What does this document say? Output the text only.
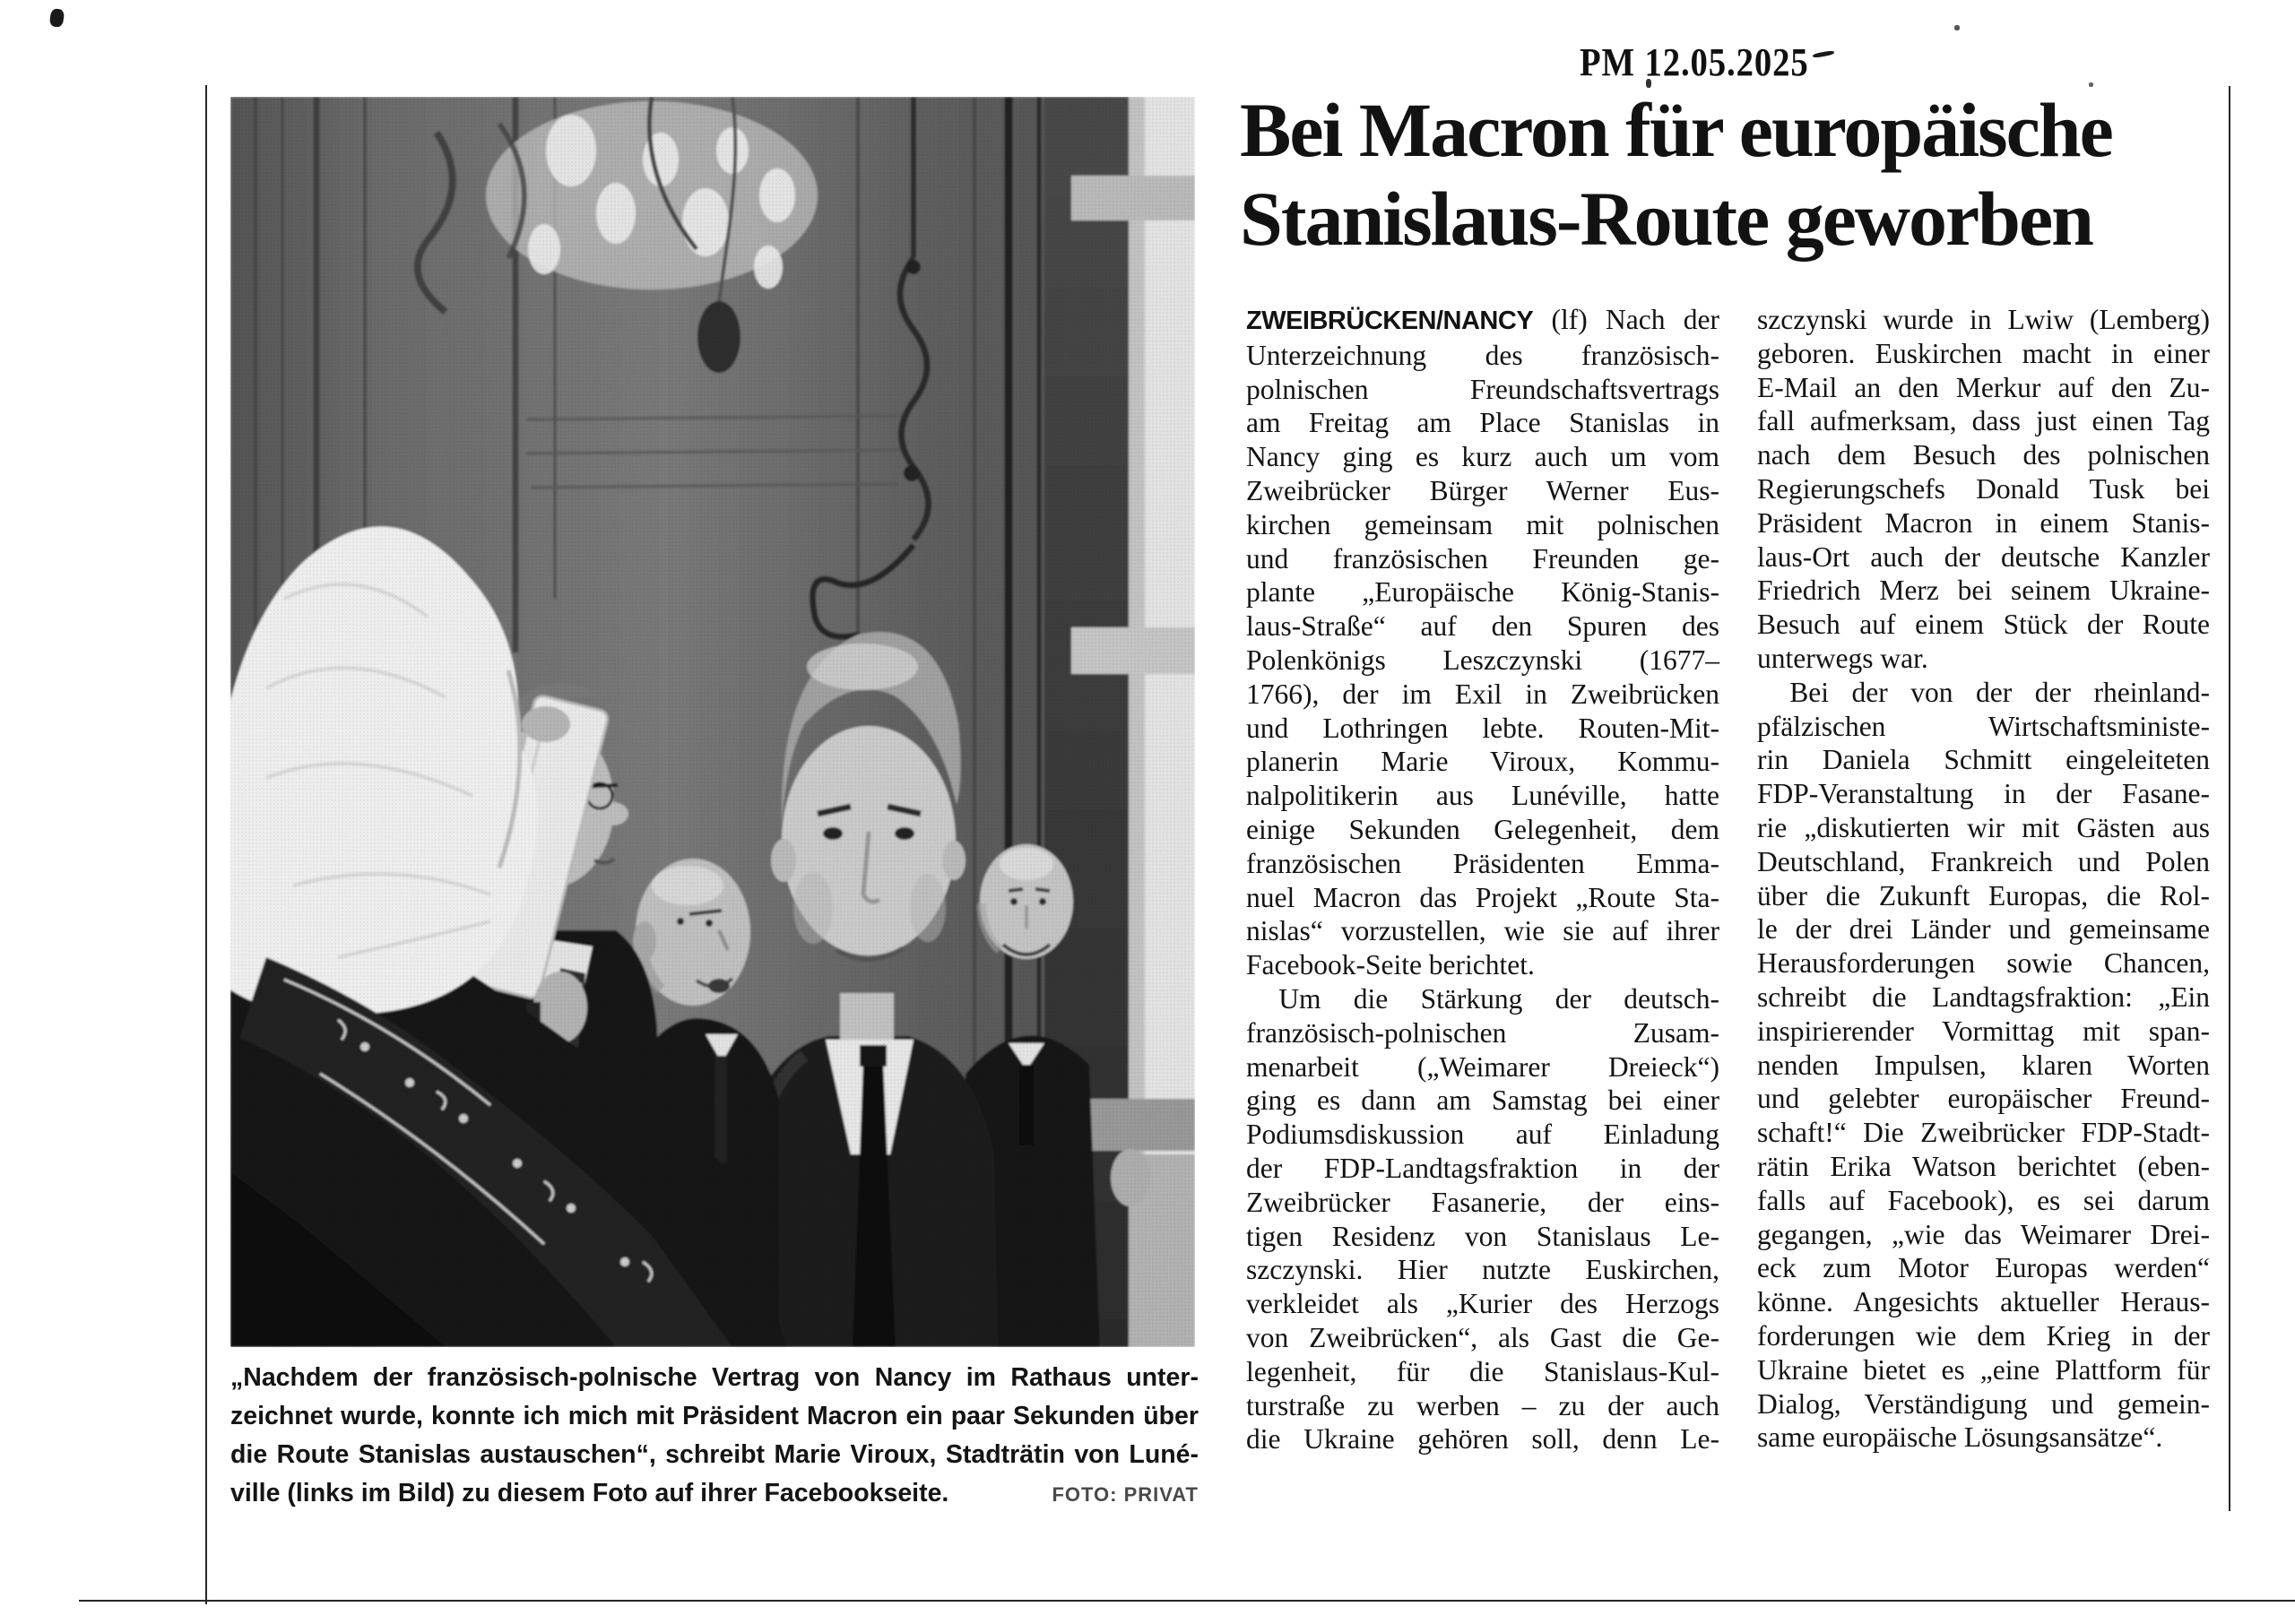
PM 12.05.2025
Bei Macron für europäische
Stanislaus-Route geworben
ZWEIBRÜCKEN/NANCY (lf) Nach der
Unterzeichnung des französisch-
polnischen Freundschaftsvertrags
am Freitag am Place Stanislas in
Nancy ging es kurz auch um vom
Zweibrücker Bürger Werner Eus-
kirchen gemeinsam mit polnischen
und französischen Freunden ge-
plante „Europäische König-Stanis-
laus-Straße“ auf den Spuren des
Polenkönigs Leszczynski (1677–
1766), der im Exil in Zweibrücken
und Lothringen lebte. Routen-Mit-
planerin Marie Viroux, Kommu-
nalpolitikerin aus Lunéville, hatte
einige Sekunden Gelegenheit, dem
französischen Präsidenten Emma-
nuel Macron das Projekt „Route Sta-
nislas“ vorzustellen, wie sie auf ihrer
Facebook-Seite berichtet.
Um die Stärkung der deutsch-
französisch-polnischen Zusam-
menarbeit („Weimarer Dreieck“)
ging es dann am Samstag bei einer
Podiumsdiskussion auf Einladung
der FDP-Landtagsfraktion in der
Zweibrücker Fasanerie, der eins-
tigen Residenz von Stanislaus Le-
szczynski. Hier nutzte Euskirchen,
verkleidet als „Kurier des Herzogs
von Zweibrücken“, als Gast die Ge-
legenheit, für die Stanislaus-Kul-
turstraße zu werben – zu der auch
die Ukraine gehören soll, denn Le-
szczynski wurde in Lwiw (Lemberg)
geboren. Euskirchen macht in einer
E-Mail an den Merkur auf den Zu-
fall aufmerksam, dass just einen Tag
nach dem Besuch des polnischen
Regierungschefs Donald Tusk bei
Präsident Macron in einem Stanis-
laus-Ort auch der deutsche Kanzler
Friedrich Merz bei seinem Ukraine-
Besuch auf einem Stück der Route
unterwegs war.
Bei der von der der rheinland-
pfälzischen Wirtschaftsministe-
rin Daniela Schmitt eingeleiteten
FDP-Veranstaltung in der Fasane-
rie „diskutierten wir mit Gästen aus
Deutschland, Frankreich und Polen
über die Zukunft Europas, die Rol-
le der drei Länder und gemeinsame
Herausforderungen sowie Chancen,
schreibt die Landtagsfraktion: „Ein
inspirierender Vormittag mit span-
nenden Impulsen, klaren Worten
und gelebter europäischer Freund-
schaft!“ Die Zweibrücker FDP-Stadt-
rätin Erika Watson berichtet (eben-
falls auf Facebook), es sei darum
gegangen, „wie das Weimarer Drei-
eck zum Motor Europas werden“
könne. Angesichts aktueller Heraus-
forderungen wie dem Krieg in der
Ukraine bietet es „eine Plattform für
Dialog, Verständigung und gemein-
same europäische Lösungsansätze“.
„Nachdem der französisch-polnische Vertrag von Nancy im Rathaus unter-
zeichnet wurde, konnte ich mich mit Präsident Macron ein paar Sekunden über
die Route Stanislas austauschen“, schreibt Marie Viroux, Stadträtin von Luné-
ville (links im Bild) zu diesem Foto auf ihrer Facebookseite.	FOTO: PRIVAT
